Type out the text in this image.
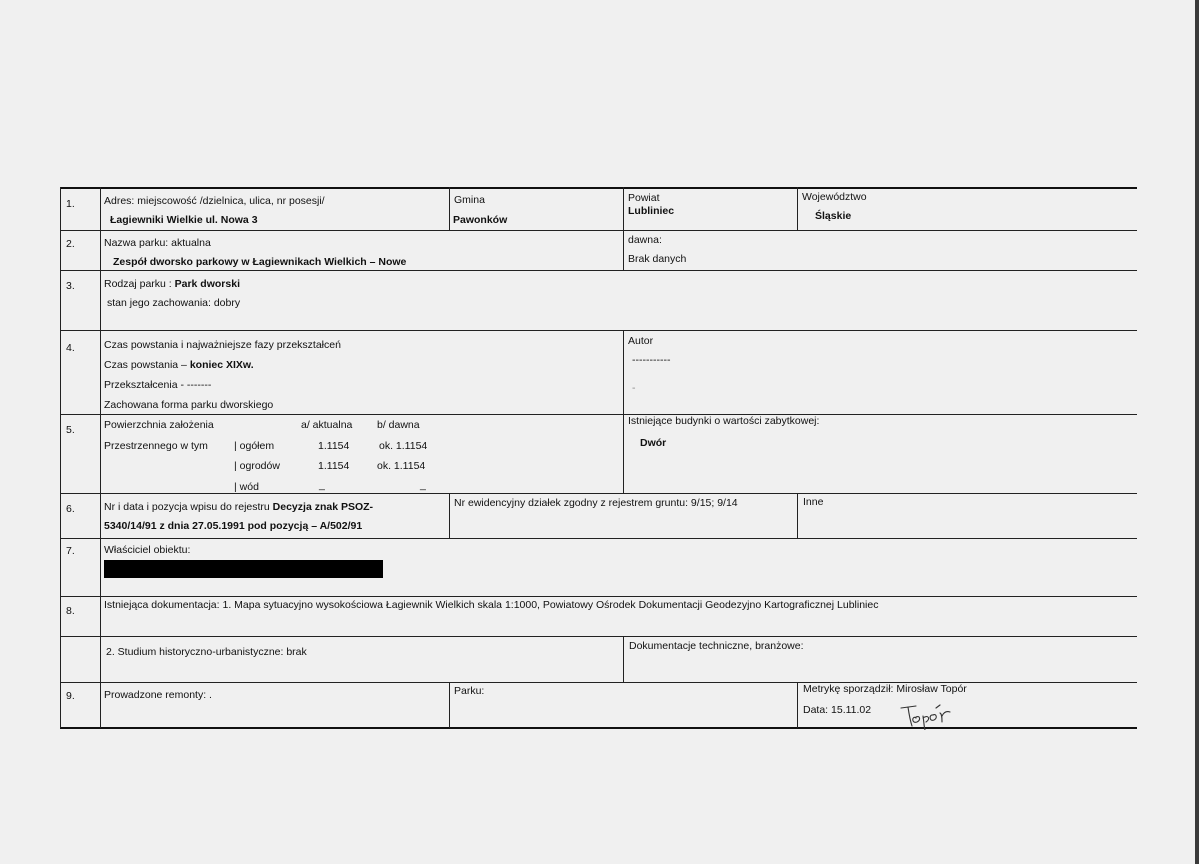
1.	Adres: miejscowość /dzielnica, ulica, nr posesji/
Łagiewniki Wielkie ul. Nowa 3
Gmina
Pawonków
Powiat
Lubliniec
Województwo
Śląskie
2.	Nazwa parku: aktualna
Zespół dworsko parkowy w Łagiewnikach Wielkich – Nowe
dawna:
Brak danych
3.	Rodzaj parku : Park dworski
stan jego zachowania: dobry
4.	Czas powstania i najważniejsze fazy przekształceń
Czas powstania – koniec XIXw.
Przekształcenia - -------
Zachowana forma parku dworskiego
Autor
-----------
-
5.	Powierzchnia założenia	a/ aktualna b/ dawna
Przestrzennego w tym | ogółem	1.1154	ok. 1.1154
| ogrodów	1.1154	ok. 1.1154
| wód	_	_
Istniejące budynki o wartości zabytkowej:
Dwór
6.	Nr i data i pozycja wpisu do rejestru Decyzja znak PSOZ-
5340/14/91 z dnia 27.05.1991 pod pozycją – A/502/91
Nr ewidencyjny działek zgodny z rejestrem gruntu: 9/15; 9/14	Inne
7.	Właściciel obiektu:
8.	Istniejąca dokumentacja: 1. Mapa sytuacyjno wysokościowa Łagiewnik Wielkich skala 1:1000, Powiatowy Ośrodek Dokumentacji Geodezyjno Kartograficznej Lubliniec
2. Studium historyczno-urbanistyczne: brak	Dokumentacje techniczne, branżowe:
9.	Prowadzone remonty: .	Parku:	Metrykę sporządził: Mirosław Topór
Data: 15.11.02
